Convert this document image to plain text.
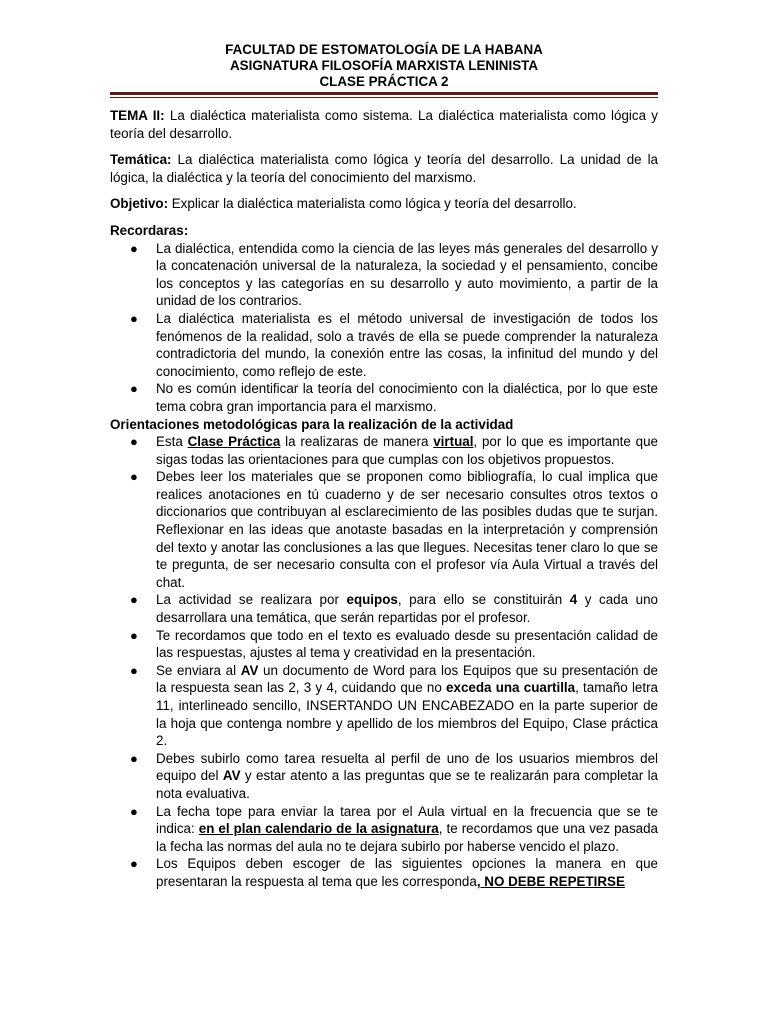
FACULTAD DE ESTOMATOLOGÍA DE LA HABANA
ASIGNATURA FILOSOFÍA MARXISTA LENINISTA
CLASE PRÁCTICA 2

TEMA II: La dialéctica materialista como sistema. La dialéctica materialista como lógica y teoría del desarrollo.

Temática: La dialéctica materialista como lógica y teoría del desarrollo. La unidad de la lógica, la dialéctica y la teoría del conocimiento del marxismo.

Objetivo: Explicar la dialéctica materialista como lógica y teoría del desarrollo.

Recordaras:

● La dialéctica, entendida como la ciencia de las leyes más generales del desarrollo y la concatenación universal de la naturaleza, la sociedad y el pensamiento, concibe los conceptos y las categorías en su desarrollo y auto movimiento, a partir de la unidad de los contrarios.
● La dialéctica materialista es el método universal de investigación de todos los fenómenos de la realidad, solo a través de ella se puede comprender la naturaleza contradictoria del mundo, la conexión entre las cosas, la infinitud del mundo y del conocimiento, como reflejo de este.
● No es común identificar la teoría del conocimiento con la dialéctica, por lo que este tema cobra gran importancia para el marxismo.

Orientaciones metodológicas para la realización de la actividad

● Esta Clase Práctica la realizaras de manera virtual, por lo que es importante que sigas todas las orientaciones para que cumplas con los objetivos propuestos.
● Debes leer los materiales que se proponen como bibliografía, lo cual implica que realices anotaciones en tú cuaderno y de ser necesario consultes otros textos o diccionarios que contribuyan al esclarecimiento de las posibles dudas que te surjan. Reflexionar en las ideas que anotaste basadas en la interpretación y comprensión del texto y anotar las conclusiones a las que llegues. Necesitas tener claro lo que se te pregunta, de ser necesario consulta con el profesor vía Aula Virtual a través del chat.
● La actividad se realizara por equipos, para ello se constituirán 4 y cada uno desarrollara una temática, que serán repartidas por el profesor.
● Te recordamos que todo en el texto es evaluado desde su presentación calidad de las respuestas, ajustes al tema y creatividad en la presentación.
● Se enviara al AV un documento de Word para los Equipos que su presentación de la respuesta sean las 2, 3 y 4, cuidando que no exceda una cuartilla, tamaño letra 11, interlineado sencillo, INSERTANDO UN ENCABEZADO en la parte superior de la hoja que contenga nombre y apellido de los miembros del Equipo, Clase práctica 2.
● Debes subirlo como tarea resuelta al perfil de uno de los usuarios miembros del equipo del AV y estar atento a las preguntas que se te realizarán para completar la nota evaluativa.
● La fecha tope para enviar la tarea por el Aula virtual en la frecuencia que se te indica: en el plan calendario de la asignatura, te recordamos que una vez pasada la fecha las normas del aula no te dejara subirlo por haberse vencido el plazo.
● Los Equipos deben escoger de las siguientes opciones la manera en que presentaran la respuesta al tema que les corresponda, NO DEBE REPETIRSE
